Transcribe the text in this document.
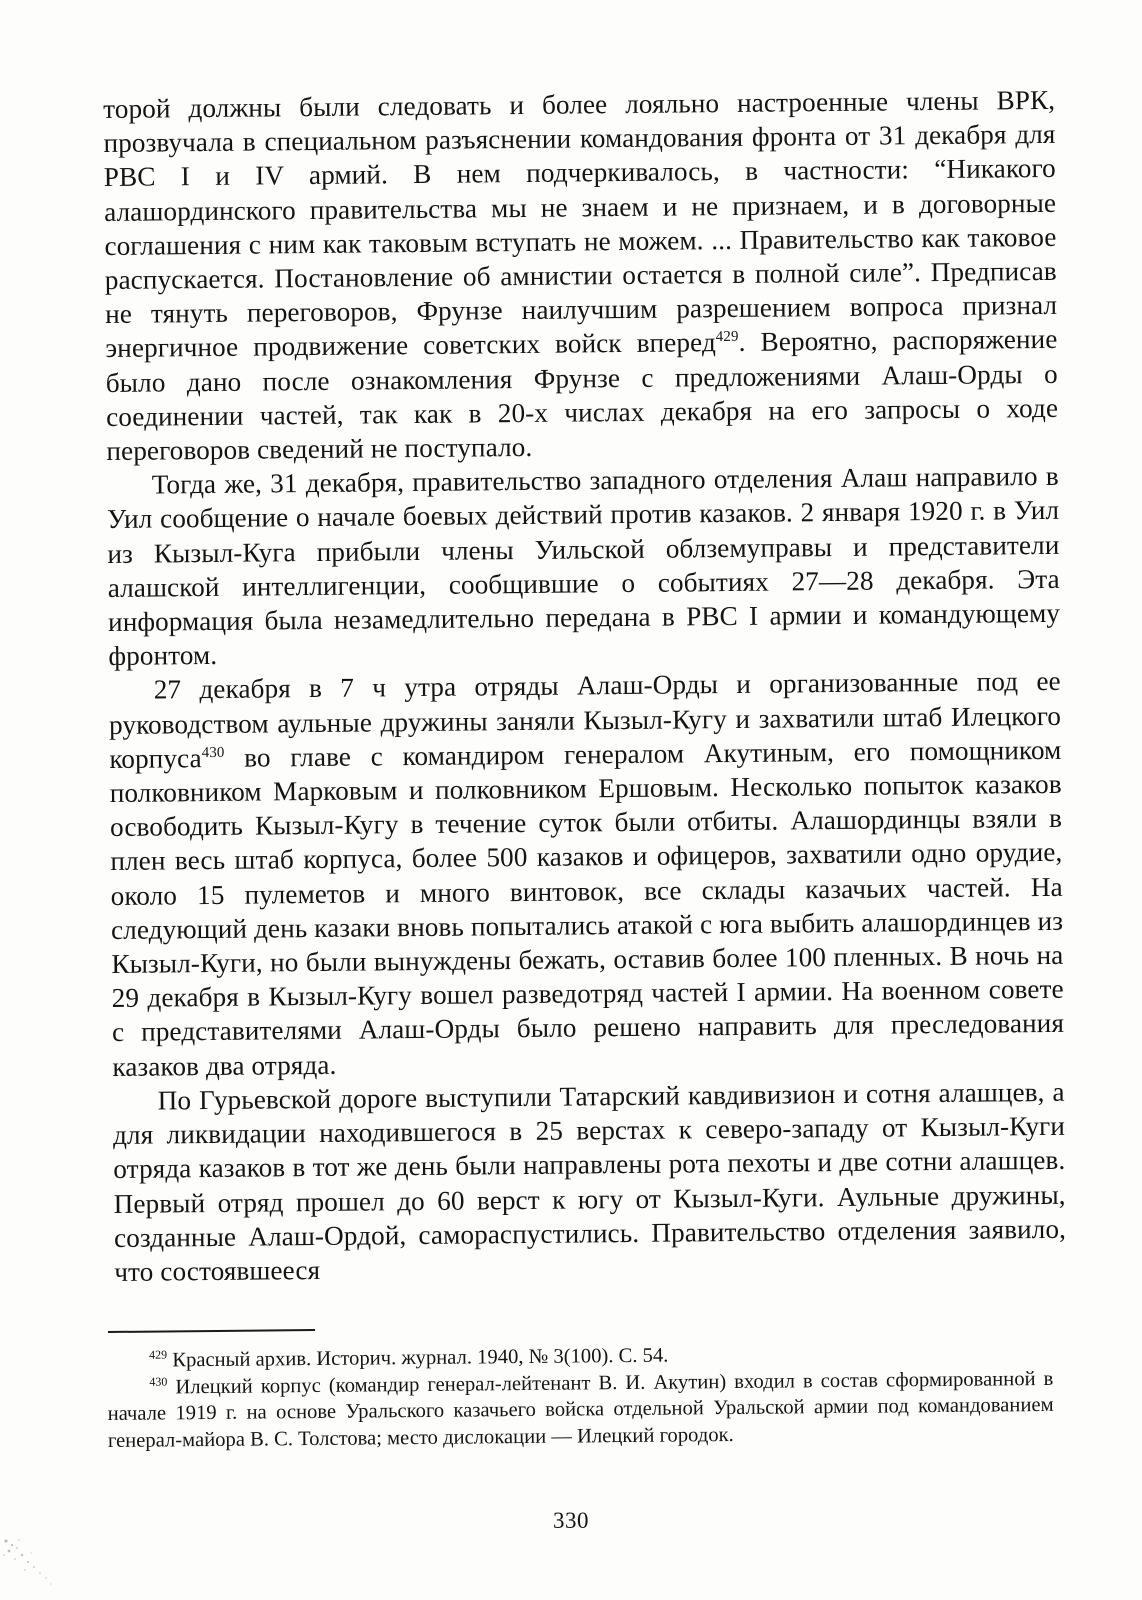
торой должны были следовать и более лояльно настроенные члены ВРК, прозвучала в специальном разъяснении командования фронта от 31 декабря для РВС I и IV армий. В нем подчеркивалось, в частности: “Никакого алашординского правительства мы не знаем и не признаем, и в договорные соглашения с ним как таковым вступать не можем. ... Правительство как таковое распускается. Постановление об амнистии остается в полной силе”. Предписав не тянуть переговоров, Фрунзе наилучшим разрешением вопроса признал энергичное продвижение советских войск вперед$^{429}$. Вероятно, распоряжение было дано после ознакомления Фрунзе с предложениями Алаш-Орды о соединении частей, так как в 20-х числах декабря на его запросы о ходе переговоров сведений не поступало.

Тогда же, 31 декабря, правительство западного отделения Алаш направило в Уил сообщение о начале боевых действий против казаков. 2 января 1920 г. в Уил из Кызыл-Куга прибыли члены Уильской облземуправы и представители алашской интеллигенции, сообщившие о событиях 27—28 декабря. Эта информация была незамедлительно передана в РВС I армии и командующему фронтом.

27 декабря в 7 ч утра отряды Алаш-Орды и организованные под ее руководством аульные дружины заняли Кызыл-Кугу и захватили штаб Илецкого корпуса$^{430}$ во главе с командиром генералом Акутиным, его помощником полковником Марковым и полковником Ершовым. Несколько попыток казаков освободить Кызыл-Кугу в течение суток были отбиты. Алашординцы взяли в плен весь штаб корпуса, более 500 казаков и офицеров, захватили одно орудие, около 15 пулеметов и много винтовок, все склады казачьих частей. На следующий день казаки вновь попытались атакой с юга выбить алашординцев из Кызыл-Куги, но были вынуждены бежать, оставив более 100 пленных. В ночь на 29 декабря в Кызыл-Кугу вошел разведотряд частей I армии. На военном совете с представителями Алаш-Орды было решено направить для преследования казаков два отряда.

По Гурьевской дороге выступили Татарский кавдивизион и сотня алашцев, а для ликвидации находившегося в 25 верстах к северо-западу от Кызыл-Куги отряда казаков в тот же день были направлены рота пехоты и две сотни алашцев. Первый отряд прошел до 60 верст к югу от Кызыл-Куги. Аульные дружины, созданные Алаш-Ордой, самораспустились. Правительство отделения заявило, что состоявшееся

$^{429}$ Красный архив. Историч. журнал. 1940, № 3(100). С. 54.

$^{430}$ Илецкий корпус (командир генерал-лейтенант В. И. Акутин) входил в состав сформированной в начале 1919 г. на основе Уральского казачьего войска отдельной Уральской армии под командованием генерал-майора В. С. Толстова; место дислокации — Илецкий городок.

330
